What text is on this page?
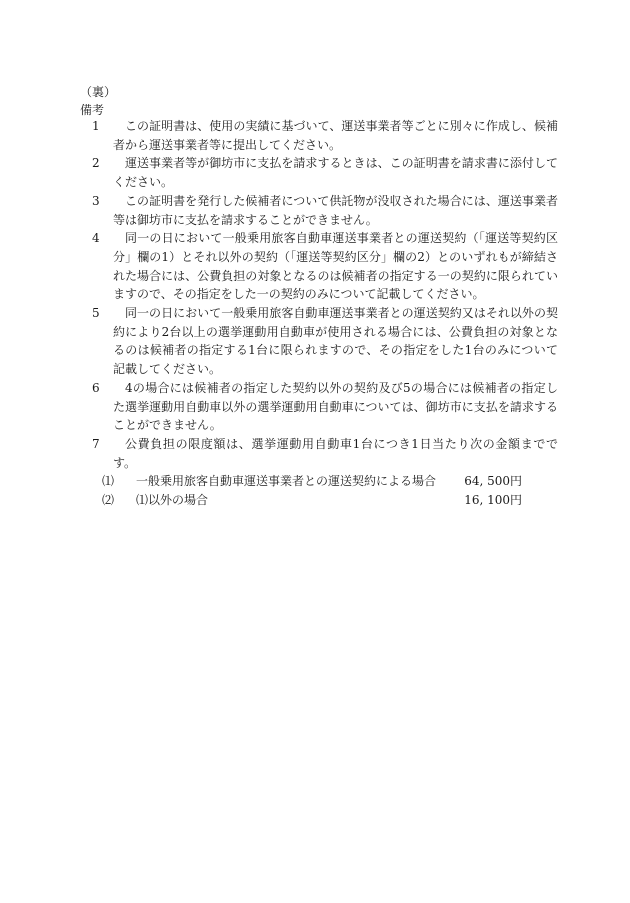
（裏）
備考
1	この証明書は、使用の実績に基づいて、運送事業者等ごとに別々に作成し、候補者から運送事業者等に提出してください。
2	運送事業者等が御坊市に支払を請求するときは、この証明書を請求書に添付してください。
3	この証明書を発行した候補者について供託物が没収された場合には、運送事業者等は御坊市に支払を請求することができません。
4	同一の日において一般乗用旅客自動車運送事業者との運送契約（「運送等契約区分」欄の1）とそれ以外の契約（「運送等契約区分」欄の2）とのいずれもが締結された場合には、公費負担の対象となるのは候補者の指定する一の契約に限られていますので、その指定をした一の契約のみについて記載してください。
5	同一の日において一般乗用旅客自動車運送事業者との運送契約又はそれ以外の契約により2台以上の選挙運動用自動車が使用される場合には、公費負担の対象となるのは候補者の指定する1台に限られますので、その指定をした1台のみについて記載してください。
6	4の場合には候補者の指定した契約以外の契約及び5の場合には候補者の指定した選挙運動用自動車以外の選挙運動用自動車については、御坊市に支払を請求することができません。
7	公費負担の限度額は、選挙運動用自動車1台につき1日当たり次の金額までです。
⑴	一般乗用旅客自動車運送事業者との運送契約による場合	64, 500円
⑵	⑴以外の場合	16, 100円
